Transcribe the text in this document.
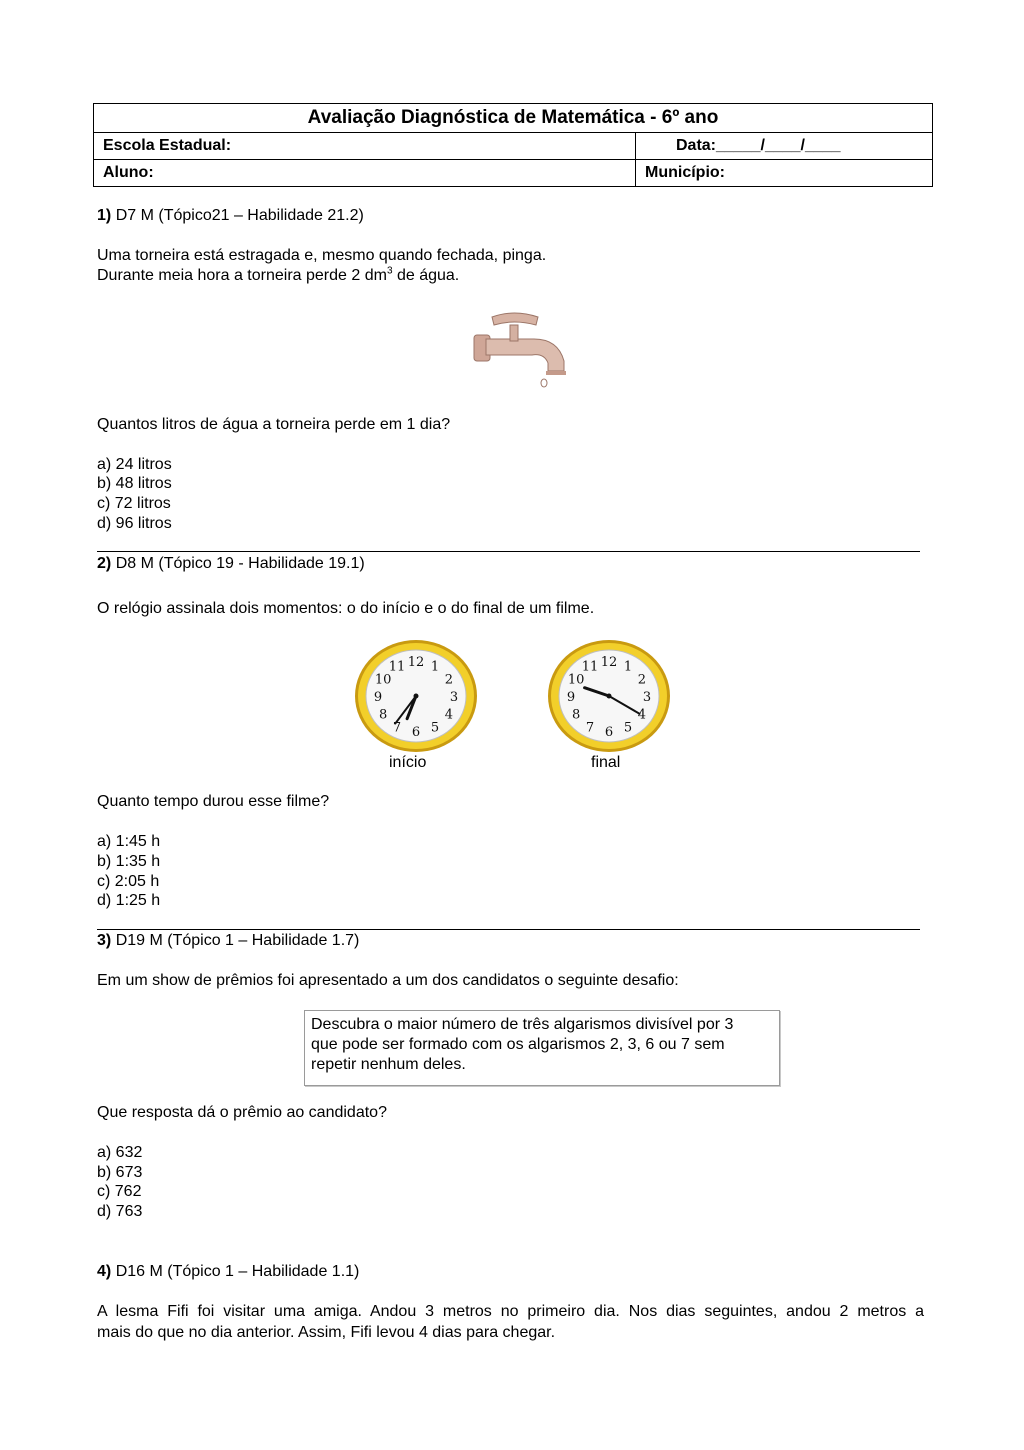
Avaliação Diagnóstica de Matemática - 6º ano	
Escola Estadual:	Data:_____/____/____
Aluno:	Município:
1) D7 M (Tópico21 – Habilidade 21.2)
Uma torneira está estragada e, mesmo quando fechada, pinga.
Durante meia hora a torneira perde 2 $dm^3$ de água.
Quantos litros de água a torneira perde em 1 dia?
a) 24 litros
b) 48 litros
c) 72 litros
d) 96 litros
2) D8 M (Tópico 19 - Habilidade 19.1)
O relógio assinala dois momentos: o do início e o do final de um filme.
12 1
2
3
4
5
6
7
8
9
10
11	12 1
2
3
4
5
6
7
8
9
10
11
início	final
Quanto tempo durou esse filme?
a) 1:45 h
b) 1:35 h
c) 2:05 h
d) 1:25 h
3) D19 M (Tópico 1 – Habilidade 1.7)
Em um show de prêmios foi apresentado a um dos candidatos o seguinte desafio:
Descubra o maior número de três algarismos divisível por 3
que pode ser formado com os algarismos 2, 3, 6 ou 7 sem
repetir nenhum deles.
Que resposta dá o prêmio ao candidato?
a) 632
b) 673
c) 762
d) 763
4) D16 M (Tópico 1 – Habilidade 1.1)
A lesma Fifi foi visitar uma amiga. Andou 3 metros no primeiro dia. Nos dias seguintes, andou 2 metros a
mais do que no dia anterior. Assim, Fifi levou 4 dias para chegar.
